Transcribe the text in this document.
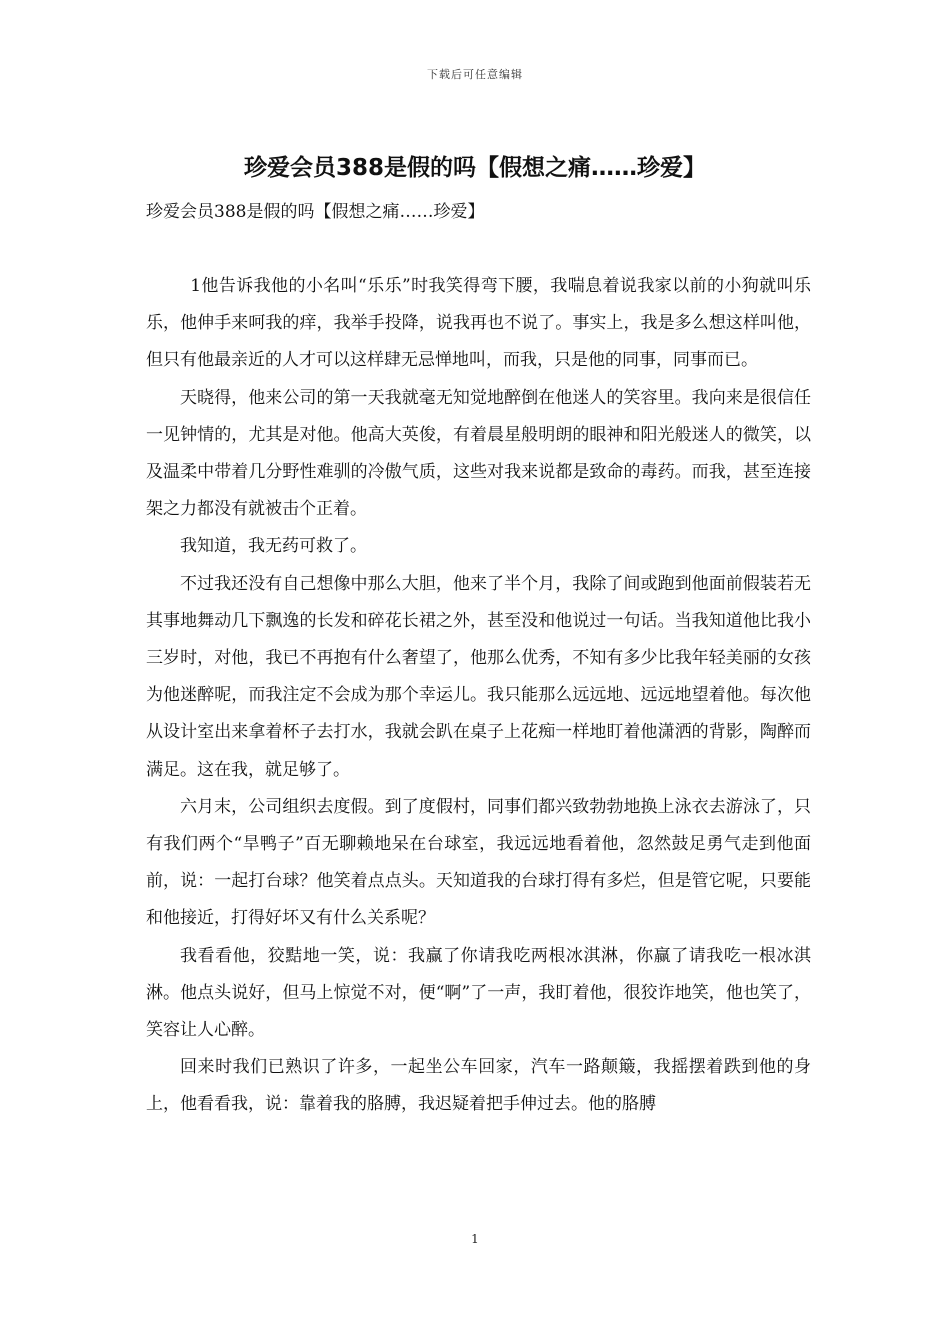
下载后可任意编辑
珍爱会员388是假的吗【假想之痛……珍爱】
珍爱会员388是假的吗【假想之痛……珍爱】

1他告诉我他的小名叫“乐乐”时我笑得弯下腰，我喘息着说我家以前的小狗就叫乐乐，他伸手来呵我的痒，我举手投降，说我再也不说了。事实上，我是多么想这样叫他，但只有他最亲近的人才可以这样肆无忌惮地叫，而我，只是他的同事，同事而已。

天晓得，他来公司的第一天我就毫无知觉地醉倒在他迷人的笑容里。我向来是很信任一见钟情的，尤其是对他。他高大英俊，有着晨星般明朗的眼神和阳光般迷人的微笑，以及温柔中带着几分野性难驯的冷傲气质，这些对我来说都是致命的毒药。而我，甚至连接架之力都没有就被击个正着。

我知道，我无药可救了。

不过我还没有自己想像中那么大胆，他来了半个月，我除了间或跑到他面前假装若无其事地舞动几下飘逸的长发和碎花长裙之外，甚至没和他说过一句话。当我知道他比我小三岁时，对他，我已不再抱有什么奢望了，他那么优秀，不知有多少比我年轻美丽的女孩为他迷醉呢，而我注定不会成为那个幸运儿。我只能那么远远地、远远地望着他。每次他从设计室出来拿着杯子去打水，我就会趴在桌子上花痴一样地盯着他潇洒的背影，陶醉而满足。这在我，就足够了。

六月末，公司组织去度假。到了度假村，同事们都兴致勃勃地换上泳衣去游泳了，只有我们两个“旱鸭子”百无聊赖地呆在台球室，我远远地看着他，忽然鼓足勇气走到他面前，说：一起打台球？他笑着点点头。天知道我的台球打得有多烂，但是管它呢，只要能和他接近，打得好坏又有什么关系呢？

我看看他，狡黠地一笑，说：我赢了你请我吃两根冰淇淋，你赢了请我吃一根冰淇淋。他点头说好，但马上惊觉不对，便“啊”了一声，我盯着他，很狡诈地笑，他也笑了，笑容让人心醉。

回来时我们已熟识了许多，一起坐公车回家，汽车一路颠簸，我摇摆着跌到他的身上，他看看我，说：靠着我的胳膊，我迟疑着把手伸过去。他的胳膊

1
